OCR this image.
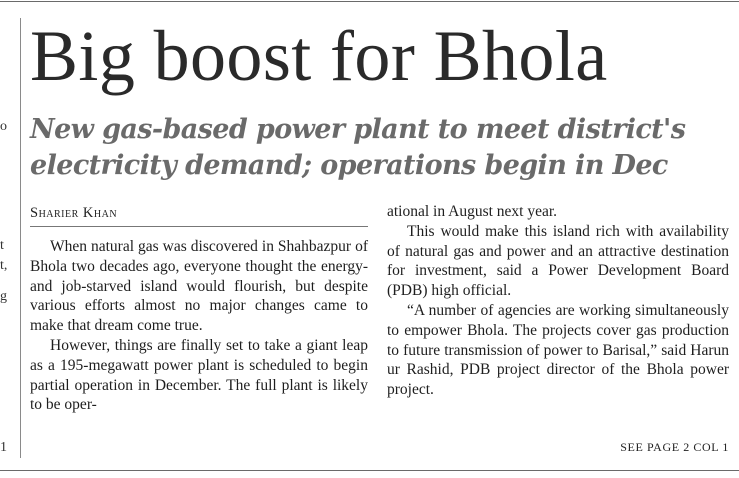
o
t
t,
g
1
Big boost for Bhola
New gas-based power plant to meet district's electricity demand; operations begin in Dec
Sharier Khan

When natural gas was discovered in Shahbazpur of Bhola two decades ago, everyone thought the energy- and job-starved island would flourish, but despite various efforts almost no major changes came to make that dream come true.

However, things are finally set to take a giant leap as a 195-megawatt power plant is scheduled to begin partial operation in December. The full plant is likely to be oper-

ational in August next year.

This would make this island rich with availability of natural gas and power and an attractive destination for investment, said a Power Development Board (PDB) high official.

“A number of agencies are working simultaneously to empower Bhola. The projects cover gas production to future transmission of power to Barisal,” said Harun ur Rashid, PDB project director of the Bhola power project.

SEE PAGE 2 COL 1
